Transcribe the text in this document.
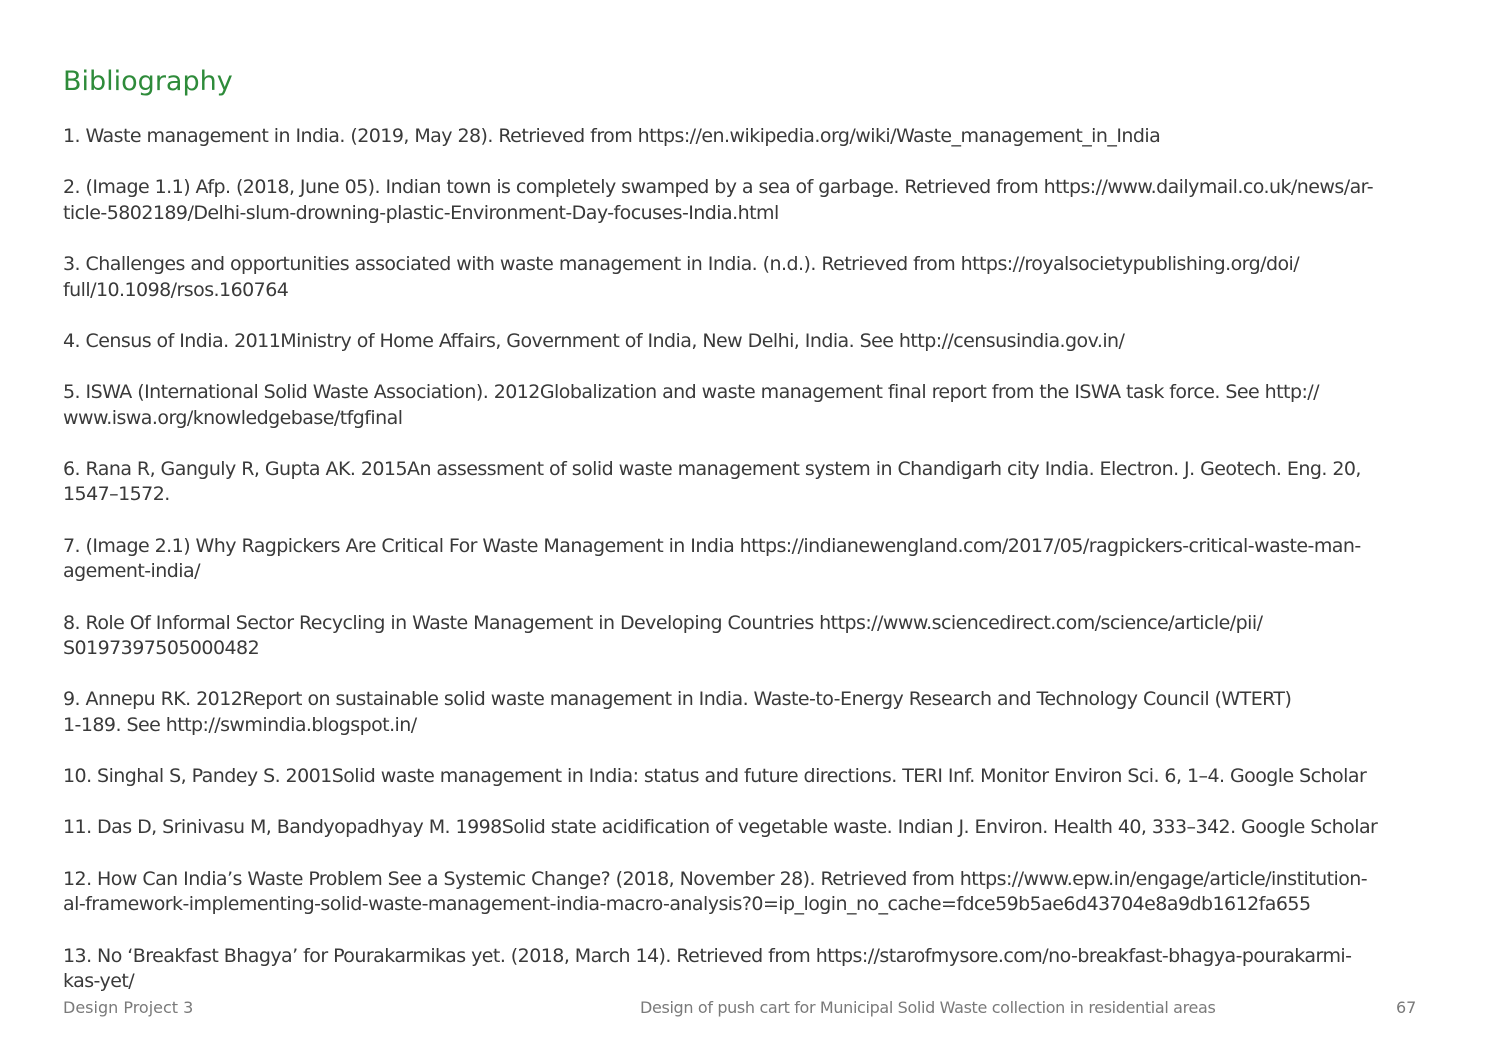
Bibliography
1. Waste management in India. (2019, May 28). Retrieved from https://en.wikipedia.org/wiki/Waste_management_in_India
2. (Image 1.1) Afp. (2018, June 05). Indian town is completely swamped by a sea of garbage. Retrieved from https://www.dailymail.co.uk/news/ar-
ticle-5802189/Delhi-slum-drowning-plastic-Environment-Day-focuses-India.html
3. Challenges and opportunities associated with waste management in India. (n.d.). Retrieved from https://royalsocietypublishing.org/doi/
full/10.1098/rsos.160764
4. Census of India. 2011Ministry of Home Affairs, Government of India, New Delhi, India. See http://censusindia.gov.in/
5. ISWA (International Solid Waste Association). 2012Globalization and waste management final report from the ISWA task force. See http://
www.iswa.org/knowledgebase/tfgfinal
6. Rana R, Ganguly R, Gupta AK. 2015An assessment of solid waste management system in Chandigarh city India. Electron. J. Geotech. Eng. 20,
1547–1572.
7. (Image 2.1) Why Ragpickers Are Critical For Waste Management in India https://indianewengland.com/2017/05/ragpickers-critical-waste-man-
agement-india/
8. Role Of Informal Sector Recycling in Waste Management in Developing Countries https://www.sciencedirect.com/science/article/pii/
S0197397505000482
9. Annepu RK. 2012Report on sustainable solid waste management in India. Waste-to-Energy Research and Technology Council (WTERT)
1-189. See http://swmindia.blogspot.in/
10. Singhal S, Pandey S. 2001Solid waste management in India: status and future directions. TERI Inf. Monitor Environ Sci. 6, 1–4. Google Scholar
11. Das D, Srinivasu M, Bandyopadhyay M. 1998Solid state acidification of vegetable waste. Indian J. Environ. Health 40, 333–342. Google Scholar
12. How Can India’s Waste Problem See a Systemic Change? (2018, November 28). Retrieved from https://www.epw.in/engage/article/institution-
al-framework-implementing-solid-waste-management-india-macro-analysis?0=ip_login_no_cache=fdce59b5ae6d43704e8a9db1612fa655
13. No ‘Breakfast Bhagya’ for Pourakarmikas yet. (2018, March 14). Retrieved from https://starofmysore.com/no-breakfast-bhagya-pourakarmi-
kas-yet/
Design Project 3	Design of push cart for Municipal Solid Waste collection in residential areas	67
